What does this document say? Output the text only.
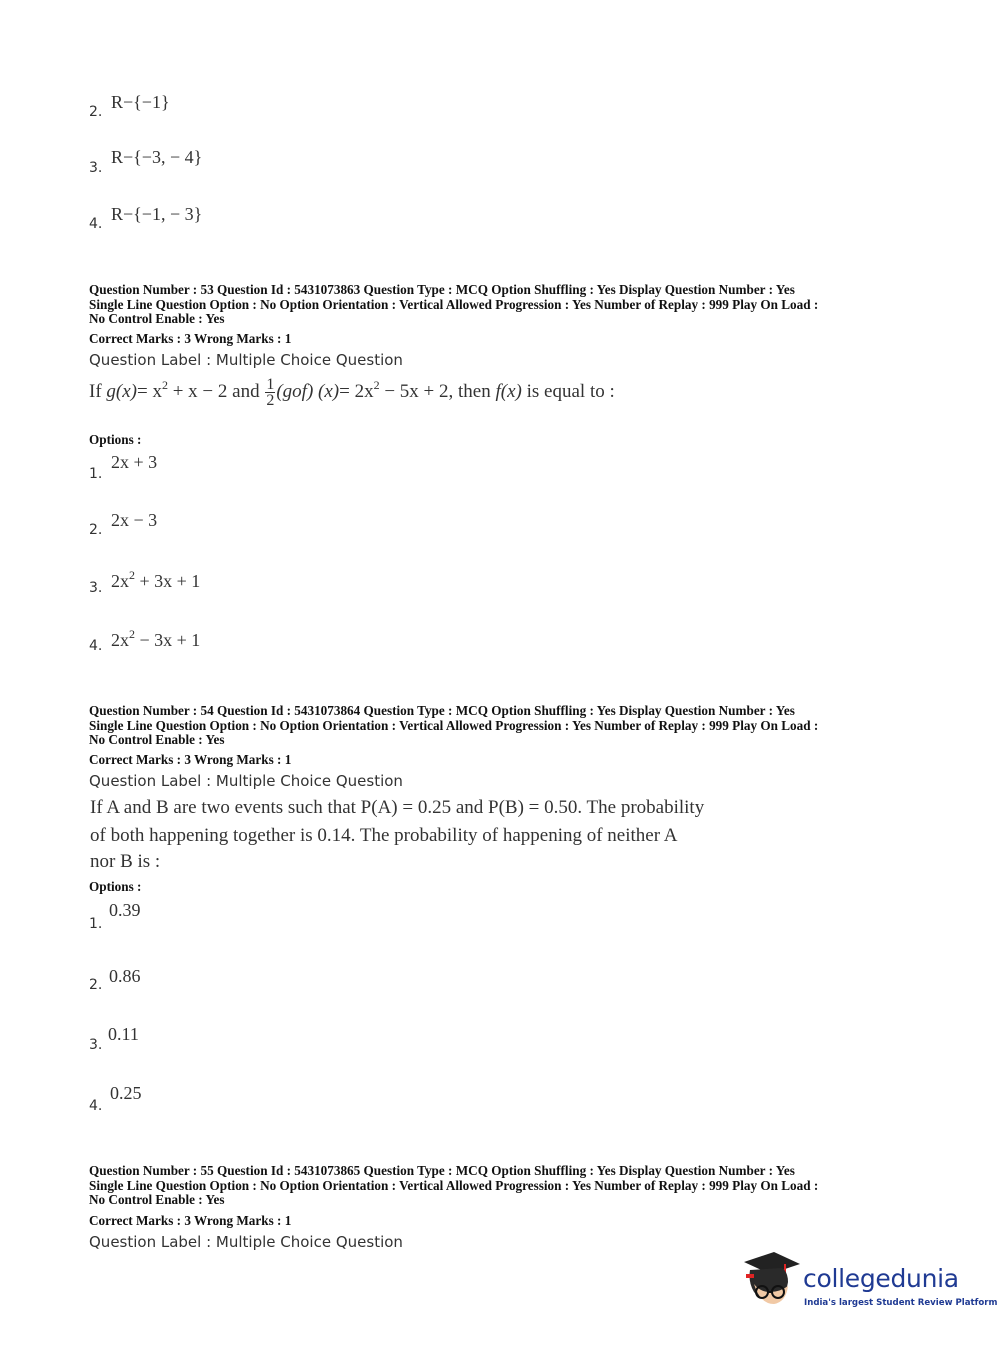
2. R−{−1}
3.
R−{−3, − 4}
4. R−{−1, − 3}
Question Number : 53 Question Id : 5431073863 Question Type : MCQ Option Shuffling : Yes Display Question Number : Yes
Single Line Question Option : No Option Orientation : Vertical Allowed Progression : Yes Number of Replay : 999 Play On Load :
No Control Enable : Yes
Correct Marks : 3 Wrong Marks : 1
Question Label : Multiple Choice Question
If $g(x)= x^2 + x - 2$ and $\frac{1}{2} (gof)$ $(x)= 2x^2 - 5x + 2$, then f(x) is equal to :
Options :
1.
2x + 3
2. 2x − 3
3. $2x^2 + 3x + 1$
4. $2x^2 - 3x + 1$
Question Number : 54 Question Id : 5431073864 Question Type : MCQ Option Shuffling : Yes Display Question Number : Yes
Single Line Question Option : No Option Orientation : Vertical Allowed Progression : Yes Number of Replay : 999 Play On Load :
No Control Enable : Yes
Correct Marks : 3 Wrong Marks : 1
Question Label : Multiple Choice Question
If A and B are two events such that P(A) = 0.25 and P(B) = 0.50. The probability
of both happening together is 0.14. The probability of happening of neither A
nor B is :
Options :
1.
0.39
2. 0.86
3.
0.11
4.
0.25
Question Number : 55 Question Id : 5431073865 Question Type : MCQ Option Shuffling : Yes Display Question Number : Yes
Single Line Question Option : No Option Orientation : Vertical Allowed Progression : Yes Number of Replay : 999 Play On Load :
No Control Enable : Yes
Correct Marks : 3 Wrong Marks : 1
Question Label : Multiple Choice Question
collegedunia
India's largest Student Review Platform
